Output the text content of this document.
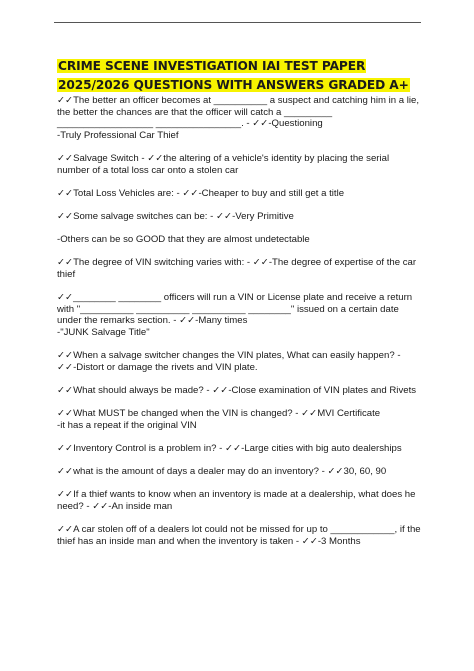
CRIME SCENE INVESTIGATION IAI TEST PAPER 2025/2026 QUESTIONS WITH ANSWERS GRADED A+

✓✓The better an officer becomes at __________ a suspect and catching him in a lie, the better the chances are that the officer will catch a _________ __________________ ________________. - ✓✓-Questioning
-Truly Professional Car Thief

✓✓Salvage Switch - ✓✓the altering of a vehicle's identity by placing the serial number of a total loss car onto a stolen car

✓✓Total Loss Vehicles are: - ✓✓-Cheaper to buy and still get a title

✓✓Some salvage switches can be: - ✓✓-Very Primitive

-Others can be so GOOD that they are almost undetectable

✓✓The degree of VIN switching varies with: - ✓✓-The degree of expertise of the car thief

✓✓________ ________ officers will run a VIN or License plate and receive a return with "__________ __________ __________ ________" issued on a certain date under the remarks section. - ✓✓-Many times
-"JUNK Salvage Title"

✓✓When a salvage switcher changes the VIN plates, What can easily happen? - ✓✓-Distort or damage the rivets and VIN plate.

✓✓What should always be made? - ✓✓-Close examination of VIN plates and Rivets

✓✓What MUST be changed when the VIN is changed? - ✓✓MVI Certificate
-it has a repeat if the original VIN

✓✓Inventory Control is a problem in? - ✓✓-Large cities with big auto dealerships

✓✓what is the amount of days a dealer may do an inventory? - ✓✓30, 60, 90

✓✓If a thief wants to know when an inventory is made at a dealership, what does he need? - ✓✓-An inside man

✓✓A car stolen off of a dealers lot could not be missed for up to ____________, if the thief has an inside man and when the inventory is taken - ✓✓-3 Months
